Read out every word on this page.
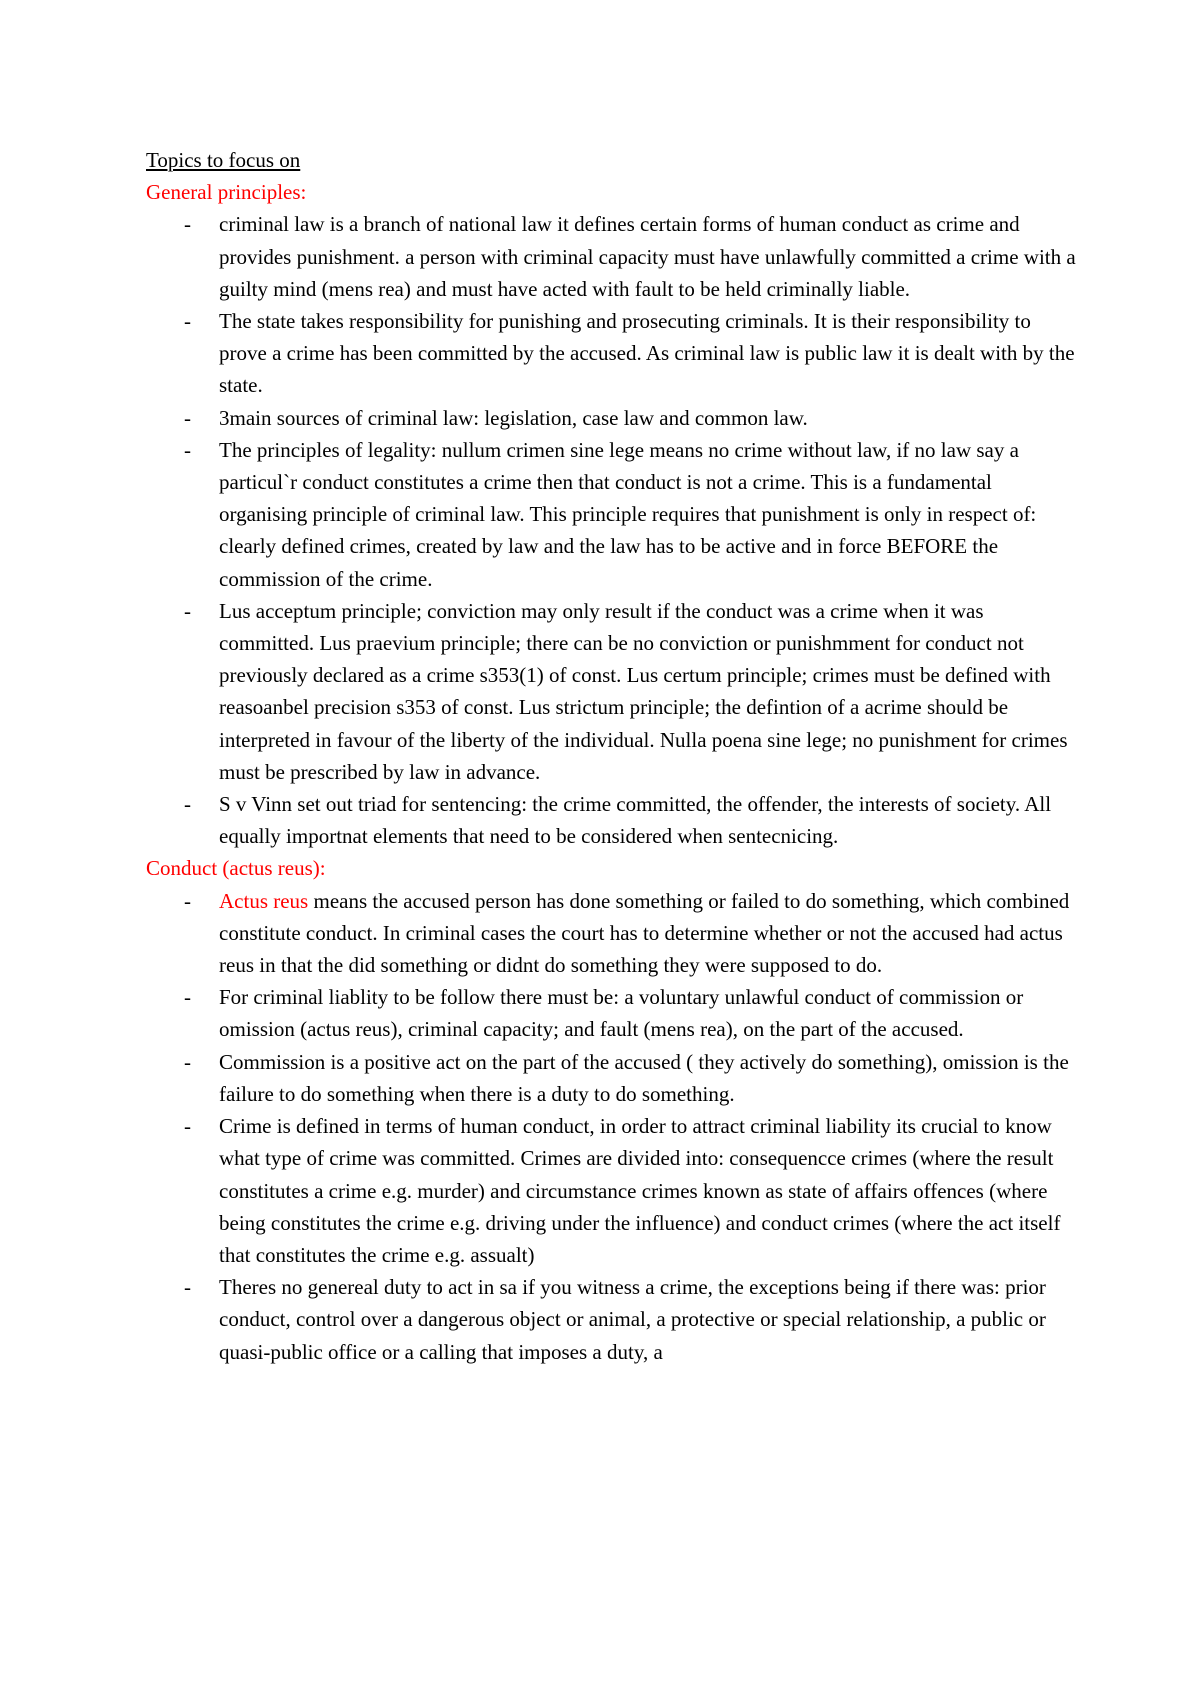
Topics to focus on

General principles:

- criminal law is a branch of national law it defines certain forms of human conduct as crime and provides punishment. a person with criminal capacity must have unlawfully committed a crime with a guilty mind (mens rea) and must have acted with fault to be held criminally liable.
- The state takes responsibility for punishing and prosecuting criminals. It is their responsibility to prove a crime has been committed by the accused. As criminal law is public law it is dealt with by the state.
- 3main sources of criminal law: legislation, case law and common law.
- The principles of legality: nullum crimen sine lege means no crime without law, if no law say a particul`r conduct constitutes a crime then that conduct is not a crime. This is a fundamental organising principle of criminal law. This principle requires that punishment is only in respect of: clearly defined crimes, created by law and the law has to be active and in force BEFORE the commission of the crime.
- Lus acceptum principle; conviction may only result if the conduct was a crime when it was committed. Lus praevium principle; there can be no conviction or punishmment for conduct not previously declared as a crime s353(1) of const. Lus certum principle; crimes must be defined with reasoanbel precision s353 of const. Lus strictum principle; the defintion of a acrime should be interpreted in favour of the liberty of the individual. Nulla poena sine lege; no punishment for crimes must be prescribed by law in advance.
- S v Vinn set out triad for sentencing: the crime committed, the offender, the interests of society. All equally importnat elements that need to be considered when sentecnicing.

Conduct (actus reus):

- Actus reus means the accused person has done something or failed to do something, which combined constitute conduct. In criminal cases the court has to determine whether or not the accused had actus reus in that the did something or didnt do something they were supposed to do.
- For criminal liablity to be follow there must be: a voluntary unlawful conduct of commission or omission (actus reus), criminal capacity; and fault (mens rea), on the part of the accused.
- Commission is a positive act on the part of the accused ( they actively do something), omission is the failure to do something when there is a duty to do something.
- Crime is defined in terms of human conduct, in order to attract criminal liability its crucial to know what type of crime was committed. Crimes are divided into: consequencce crimes (where the result constitutes a crime e.g. murder) and circumstance crimes known as state of affairs offences (where being constitutes the crime e.g. driving under the influence) and conduct crimes (where the act itself that constitutes the crime e.g. assualt)
- Theres no genereal duty to act in sa if you witness a crime, the exceptions being if there was: prior conduct, control over a dangerous object or animal, a protective or special relationship, a public or quasi-public office or a calling that imposes a duty, a
